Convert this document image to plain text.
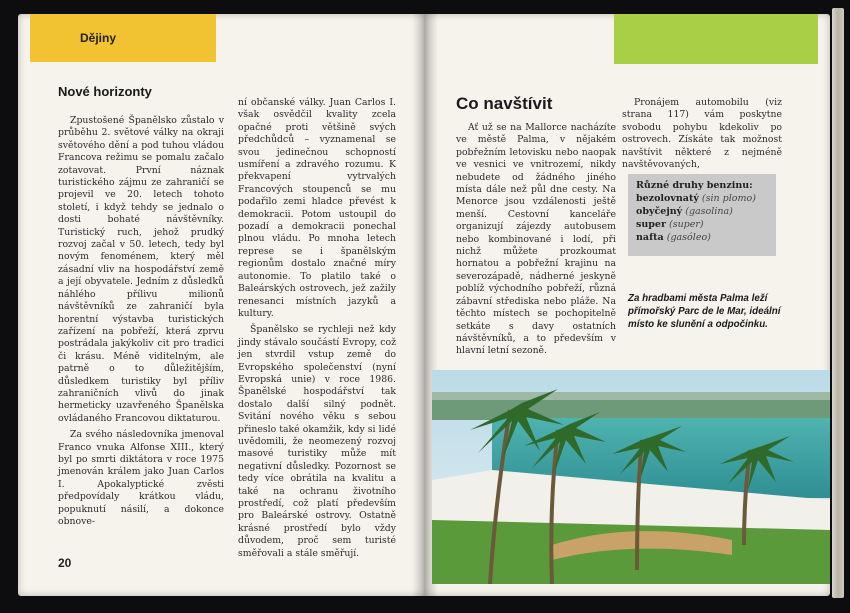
Dějiny
Nové horizonty

Zpustošené Španělsko zůstalo v průběhu 2. světové války na okraji světového dění a pod tuhou vládou Francova režimu se pomalu začalo zotavovat. První náznak turistického zájmu ze zahraničí se projevil ve 20. letech tohoto století, i když tehdy se jednalo o dosti bohaté návštěvníky. Turistický ruch, jehož prudký rozvoj začal v 50. letech, tedy byl novým fenoménem, který měl zásadní vliv na hospodářství země a její obyvatele. Jedním z důsledků náhlého přílivu milionů návštěvníků ze zahraničí byla horentní výstavba turistických zařízení na pobřeží, která zprvu postrádala jakýkoliv cit pro tradici či krásu. Méně viditelným, ale patrně o to důležitějším, důsledkem turistiky byl příliv zahraničních vlivů do jinak hermeticky uzavřeného Španělska ovládaného Francovou diktaturou.

Za svého následovníka jmenoval Franco vnuka Alfonse XIII., který byl po smrti diktátora v roce 1975 jmenován králem jako Juan Carlos I. Apokalyptické zvěsti předpovídaly krátkou vládu, popuknutí násilí, a dokonce obnove-

ní občanské války. Juan Carlos I. však osvědčil kvality zcela opačné proti většině svých předchůdců – vyznamenal se svou jedinečnou schopností usmíření a zdravého rozumu. K překvapení vytrvalých Francových stoupenců se mu podařilo zemi hladce převést k demokracii. Potom ustoupil do pozadí a demokracii ponechal plnou vládu. Po mnoha letech represe se i španělským regionům dostalo značné míry autonomie. To platilo také o Baleárských ostrovech, jež zažily renesanci místních jazyků a kultury.

Španělsko se rychleji než kdy jindy stávalo součástí Evropy, což jen stvrdil vstup země do Evropského společenství (nyní Evropská unie) v roce 1986. Španělské hospodářství tak dostalo další silný podnět. Svitání nového věku s sebou přineslo také okamžik, kdy si lidé uvědomili, že neomezený rozvoj masové turistiky může mít negativní důsledky. Pozornost se tedy více obrátila na kvalitu a také na ochranu životního prostředí, což platí především pro Baleárské ostrovy. Ostatně krásné prostředí bylo vždy důvodem, proč sem turisté směřovali a stále směřují.

20
Co navštívit

Ať už se na Mallorce nacházíte ve městě Palma, v nějakém pobřežním letovisku nebo naopak ve vesnici ve vnitrozemí, nikdy nebudete od žádného jiného místa dále než půl dne cesty. Na Menorce jsou vzdálenosti ještě menší. Cestovní kanceláře organizují zájezdy autobusem nebo kombinované i lodí, při nichž můžete prozkoumat hornatou a pobřežní krajinu na severozápadě, nádherné jeskyně poblíž východního pobřeží, různá zábavní střediska nebo pláže. Na těchto místech se pochopitelně setkáte s davy ostatních návštěvníků, a to především v hlavní letní sezoně.

Pronájem automobilu (viz strana 117) vám poskytne svobodu pohybu kdekoliv po ostrovech. Získáte tak možnost navštívit některé z nejméně navštěvovaných,

Různé druhy benzinu:
bezolovnatý (sin plomo)
obyčejný (gasolina)
super (super)
nafta (gasóleo)
Za hradbami města Palma leží přímořský Parc de le Mar, ideální místo ke slunění a odpočinku.
